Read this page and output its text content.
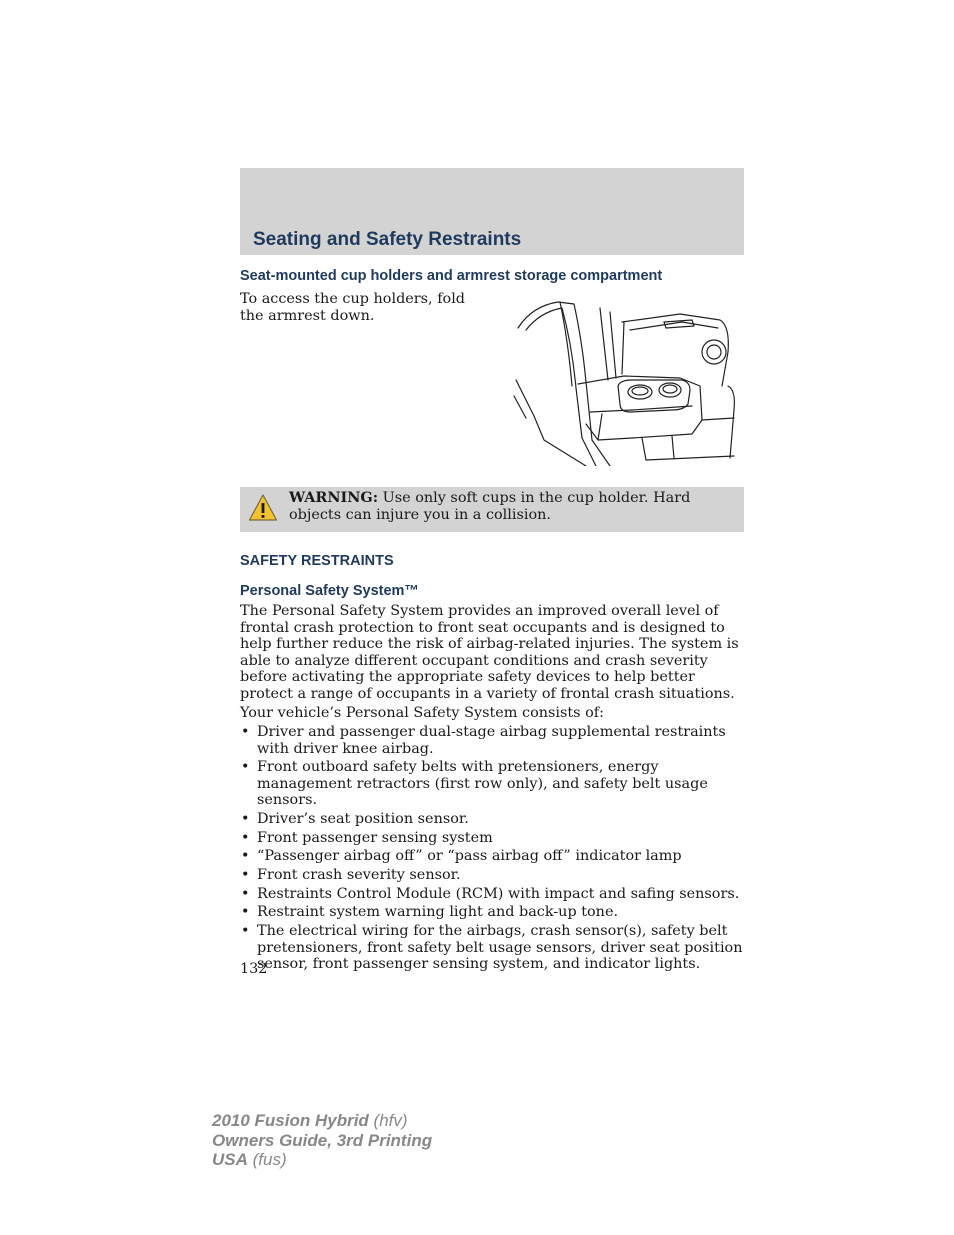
Seating and Safety Restraints
Seat-mounted cup holders and armrest storage compartment

To access the cup holders, fold the armrest down.

WARNING: Use only soft cups in the cup holder. Hard objects can injure you in a collision.

SAFETY RESTRAINTS
Personal Safety System™

The Personal Safety System provides an improved overall level of frontal crash protection to front seat occupants and is designed to help further reduce the risk of airbag-related injuries. The system is able to analyze different occupant conditions and crash severity before activating the appropriate safety devices to help better protect a range of occupants in a variety of frontal crash situations.

Your vehicle’s Personal Safety System consists of:

• Driver and passenger dual-stage airbag supplemental restraints with driver knee airbag.
• Front outboard safety belts with pretensioners, energy management retractors (first row only), and safety belt usage sensors.
• Driver’s seat position sensor.
• Front passenger sensing system
• “Passenger airbag off” or “pass airbag off” indicator lamp
• Front crash severity sensor.
• Restraints Control Module (RCM) with impact and safing sensors.
• Restraint system warning light and back-up tone.
• The electrical wiring for the airbags, crash sensor(s), safety belt pretensioners, front safety belt usage sensors, driver seat position sensor, front passenger sensing system, and indicator lights.

132

2010 Fusion Hybrid (hfv)
Owners Guide, 3rd Printing
USA (fus)
